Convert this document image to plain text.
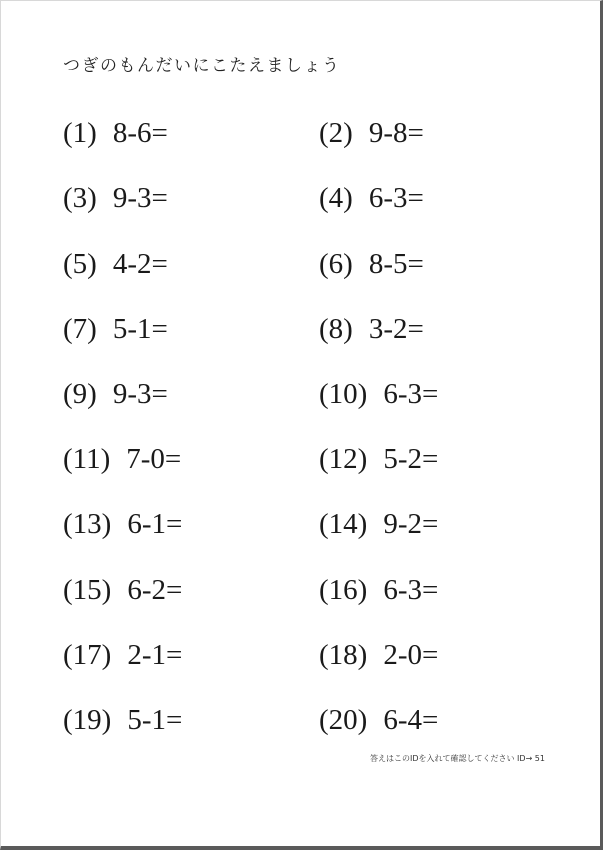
つぎのもんだいにこたえましょう
(1) 8-6=	(2) 9-8=
(3) 9-3=	(4) 6-3=
(5) 4-2=	(6) 8-5=
(7) 5-1=	(8) 3-2=
(9) 9-3=	(10) 6-3=
(11) 7-0=	(12) 5-2=
(13) 6-1=	(14) 9-2=
(15) 6-2=	(16) 6-3=
(17) 2-1=	(18) 2-0=
(19) 5-1=	(20) 6-4=
答えはこのIDを入れて確認してください ID→ 51
